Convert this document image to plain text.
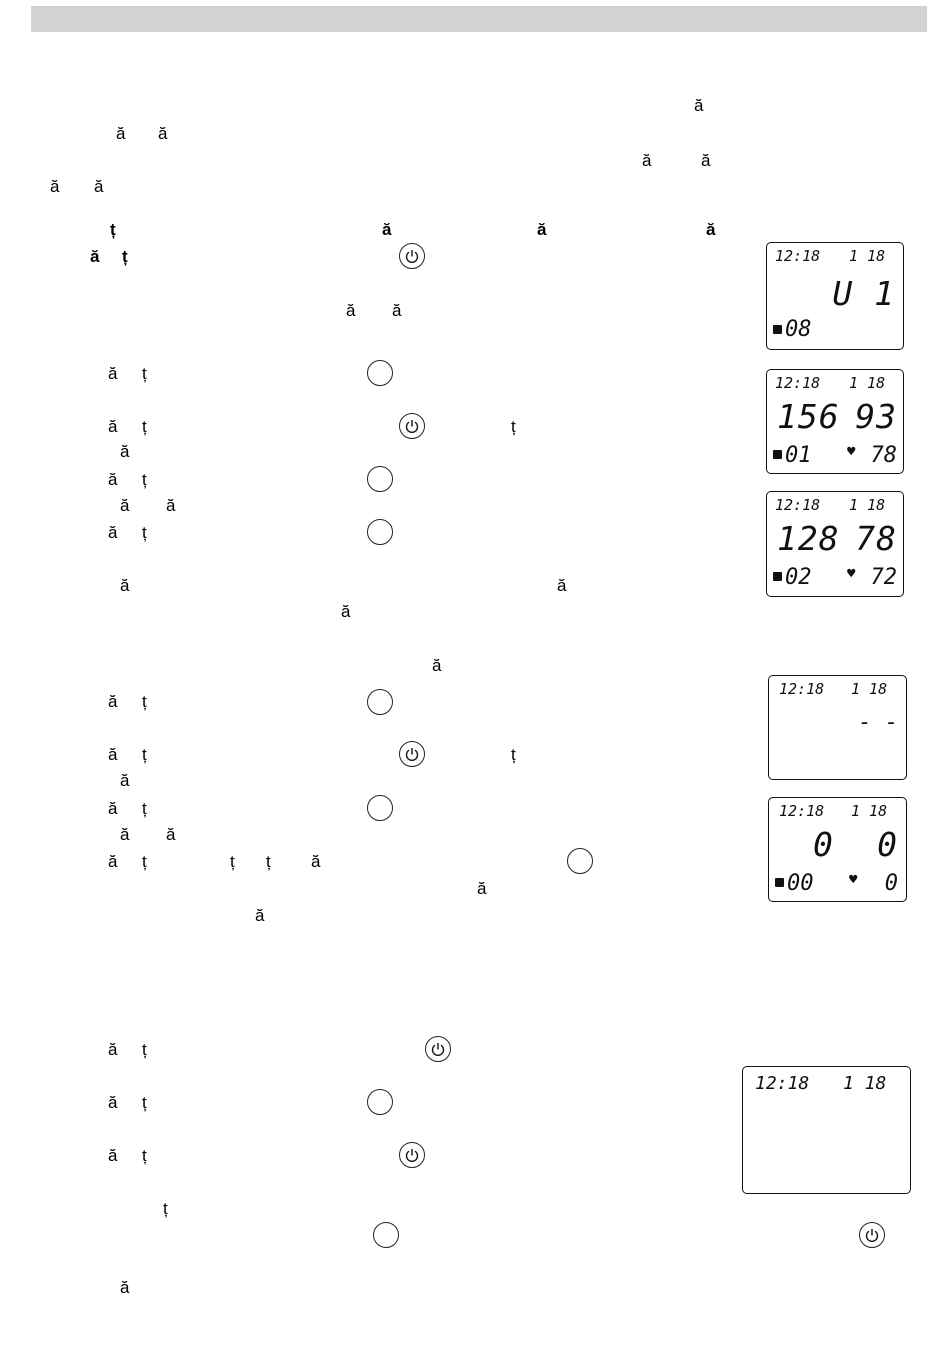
ă
ă ă
ă	ă
ă ă
ț	ă	ă	ă
ă ț
ă ă
ă ț
ă ț	ț
ă
ă ț
ă ă
ă ț
ă	ă
ă
ă
ă ț
ă ț	ț
ă
ă ț
ă ă
ă ț	ț ț ă
ă
ă
ă ț
ă ț
ă ț
ț
ă
12:18 1 18
U 1
08
12:18 1 18
156 93
01	♥ 78
12:18 1 18
128 78
02	♥ 72
12:18 1 18
- -
12:18 1 18
0 0
00	♥ 0
12:18 1 18
